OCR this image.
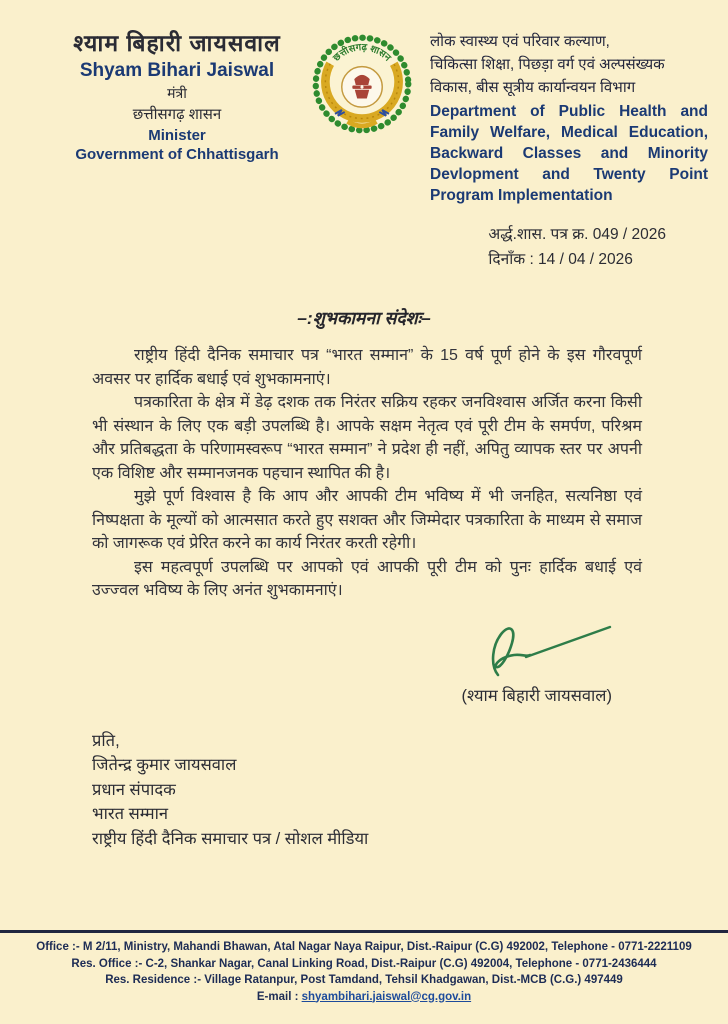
श्याम बिहारी जायसवाल
Shyam Bihari Jaiswal
मंत्री
छत्तीसगढ़ शासन
Minister
Government of Chhattisgarh
छत्तीसगढ़ शासन
लोक स्वास्थ्य एवं परिवार कल्याण,
चिकित्सा शिक्षा, पिछड़ा वर्ग एवं अल्पसंख्यक
विकास, बीस सूत्रीय कार्यान्वयन विभाग
Department of Public Health and Family Welfare, Medical Education, Backward Classes and Minority Devlopment and Twenty Point Program Implementation
अर्द्ध.शास. पत्र क्र. 049 / 2026
दिनाँक : 14 / 04 / 2026
–:शुभकामना संदेशः–

राष्ट्रीय हिंदी दैनिक समाचार पत्र “भारत सम्मान” के 15 वर्ष पूर्ण होने के इस गौरवपूर्ण अवसर पर हार्दिक बधाई एवं शुभकामनाएं।

पत्रकारिता के क्षेत्र में डेढ़ दशक तक निरंतर सक्रिय रहकर जनविश्वास अर्जित करना किसी भी संस्थान के लिए एक बड़ी उपलब्धि है। आपके सक्षम नेतृत्व एवं पूरी टीम के समर्पण, परिश्रम और प्रतिबद्धता के परिणामस्वरूप “भारत सम्मान” ने प्रदेश ही नहीं, अपितु व्यापक स्तर पर अपनी एक विशिष्ट और सम्मानजनक पहचान स्थापित की है।

मुझे पूर्ण विश्वास है कि आप और आपकी टीम भविष्य में भी जनहित, सत्यनिष्ठा एवं निष्पक्षता के मूल्यों को आत्मसात करते हुए सशक्त और जिम्मेदार पत्रकारिता के माध्यम से समाज को जागरूक एवं प्रेरित करने का कार्य निरंतर करती रहेगी।

इस महत्वपूर्ण उपलब्धि पर आपको एवं आपकी पूरी टीम को पुनः हार्दिक बधाई एवं उज्ज्वल भविष्य के लिए अनंत शुभकामनाएं।

(श्याम बिहारी जायसवाल)
प्रति,
जितेन्द्र कुमार जायसवाल
प्रधान संपादक
भारत सम्मान
राष्ट्रीय हिंदी दैनिक समाचार पत्र / सोशल मीडिया
Office :- M 2/11, Ministry, Mahandi Bhawan, Atal Nagar Naya Raipur, Dist.-Raipur (C.G) 492002, Telephone - 0771-2221109
Res. Office :- C-2, Shankar Nagar, Canal Linking Road, Dist.-Raipur (C.G) 492004, Telephone - 0771-2436444
Res. Residence :- Village Ratanpur, Post Tamdand, Tehsil Khadgawan, Dist.-MCB (C.G.) 497449
E-mail : shyambihari.jaiswal@cg.gov.in
